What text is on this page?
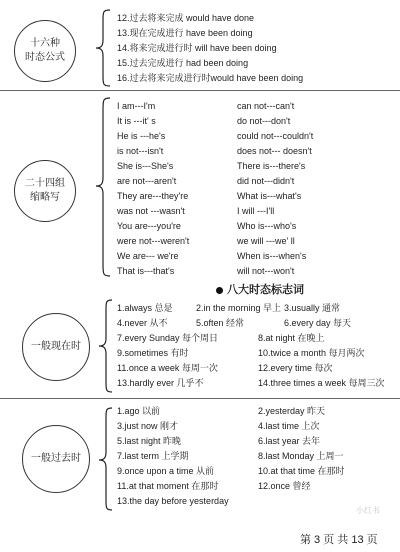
十六种
时态公式
12.过去将来完成 would have done
13.现在完成进行 have been doing
14.将来完成进行时 will have been doing
15.过去完成进行 had been doing
16.过去将来完成进行时would have been doing
二十四组
缩略写
I am---I'm
It is ---it' s
He is ---he's
is not---isn't
She is---She's
are not---aren't
They are---they're
was not ---wasn't
You are---you're
were not---weren't
We are--- we're
That is---that's
can not---can't
do not---don't
could not---couldn't
does not--- doesn't
There is---there's
did not---didn't
What is---what's
I will ---I'll
Who is---who's
we will ---we' ll
When is---when's
will not---won't
八大时态标志词
一般现在时
1.always 总是
4.never 从不
7.every Sunday 每个周日
9.sometimes 有时
11.once a week 每周一次
13.hardly ever 几乎不
2.in the morning 早上
5.often 经常
3.usually 通常
6.every day 每天
8.at night 在晚上
10.twice a month 每月两次
12.every time 每次
14.three times a week 每周三次
一般过去时
1.ago 以前
3.just now 刚才
5.last night 昨晚
7.last term 上学期
9.once upon a time 从前
11.at that moment 在那时
13.the day before yesterday
2.yesterday 昨天
4.last time 上次
6.last year 去年
8.last Monday 上周一
10.at that time 在那时
12.once 曾经
小红书
第 3 页 共 13 页
